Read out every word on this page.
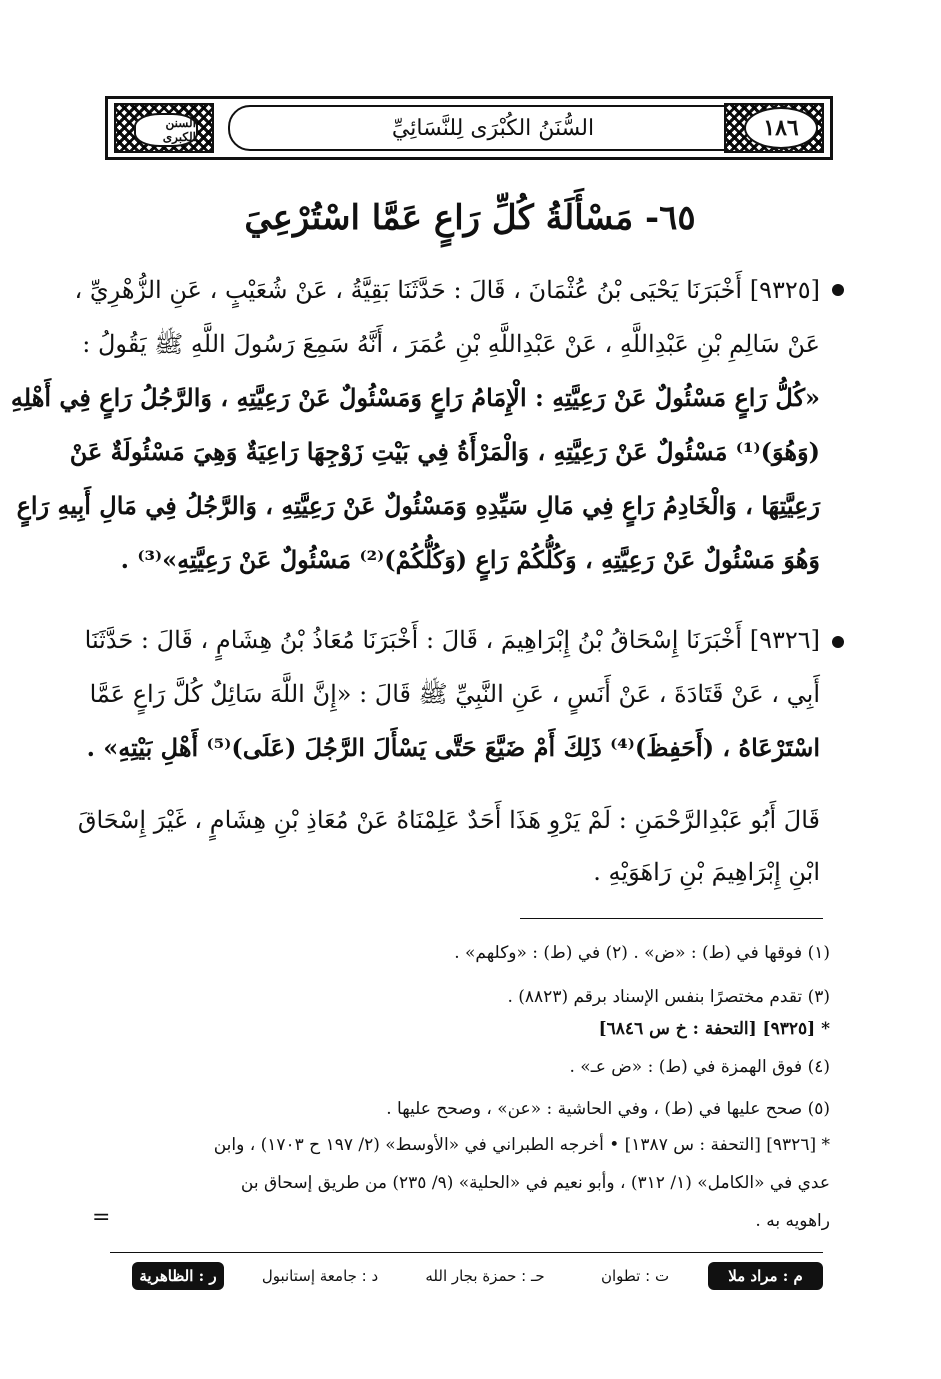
السنن الكبرى	السُّنَنُ الكُبْرَى لِلنَّسَائِيِّ	١٨٦
٦٥- مَسْأَلَةُ كُلِّ رَاعٍ عَمَّا اسْتُرْعِيَ
[٩٣٢٥] أَخْبَرَنَا يَحْيَى بْنُ عُثْمَانَ ، قَالَ : حَدَّثَنَا بَقِيَّةُ ، عَنْ شُعَيْبٍ ، عَنِ الزُّهْرِيِّ ،
عَنْ سَالِمِ بْنِ عَبْدِاللَّهِ ، عَنْ عَبْدِاللَّهِ بْنِ عُمَرَ ، أَنَّهُ سَمِعَ رَسُولَ اللَّهِ ﷺ يَقُولُ :
«كُلُّ رَاعٍ مَسْئُولٌ عَنْ رَعِيَّتِهِ : الْإِمَامُ رَاعٍ وَمَسْئُولٌ عَنْ رَعِيَّتِهِ ، وَالرَّجُلُ رَاعٍ فِي أَهْلِهِ
(وَهُوَ)⁽¹⁾ مَسْئُولٌ عَنْ رَعِيَّتِهِ ، وَالْمَرْأَةُ فِي بَيْتِ زَوْجِهَا رَاعِيَةٌ وَهِيَ مَسْئُولَةٌ عَنْ
رَعِيَّتِهَا ، وَالْخَادِمُ رَاعٍ فِي مَالِ سَيِّدِهِ وَمَسْئُولٌ عَنْ رَعِيَّتِهِ ، وَالرَّجُلُ فِي مَالِ أَبِيهِ رَاعٍ
وَهُوَ مَسْئُولٌ عَنْ رَعِيَّتِهِ ، وَكُلُّكُمْ رَاعٍ (وَكُلُّكُمْ)⁽²⁾ مَسْئُولٌ عَنْ رَعِيَّتِهِ»⁽³⁾ .
[٩٣٢٦] أَخْبَرَنَا إِسْحَاقُ بْنُ إِبْرَاهِيمَ ، قَالَ : أَخْبَرَنَا مُعَاذُ بْنُ هِشَامٍ ، قَالَ : حَدَّثَنَا
أَبِي ، عَنْ قَتَادَةَ ، عَنْ أَنَسٍ ، عَنِ النَّبِيِّ ﷺ قَالَ : «إِنَّ اللَّهَ سَائِلٌ كُلَّ رَاعٍ عَمَّا
اسْتَرْعَاهُ ، (أَحَفِظَ)⁽⁴⁾ ذَلِكَ أَمْ ضَيَّعَ حَتَّى يَسْأَلَ الرَّجُلَ (عَلَى)⁽⁵⁾ أَهْلِ بَيْتِهِ» .
قَالَ أَبُو عَبْدِالرَّحْمَنِ : لَمْ يَرْوِ هَذَا أَحَدٌ عَلِمْنَاهُ عَنْ مُعَاذِ بْنِ هِشَامٍ ، غَيْرَ إِسْحَاقَ
ابْنِ إِبْرَاهِيمَ بْنِ رَاهَوَيْهِ .
(١) فوقها في (ط) : «ض» . (٢) في (ط) : «وكلهم» .
(٣) تقدم مختصرًا بنفس الإسناد برقم (٨٨٢٣) .
* [٩٣٢٥] [التحفة : خ س ٦٨٤٦]
(٤) فوق الهمزة في (ط) : «ض عـ» .
(٥) صحح عليها في (ط) ، وفي الحاشية : «عن» ، وصحح عليها .
* [٩٣٢٦] [التحفة : س ١٣٨٧] • أخرجه الطبراني في «الأوسط» (٢/ ١٩٧ ح ١٧٠٣) ، وابن
عدي في «الكامل» (١/ ٣١٢) ، وأبو نعيم في «الحلية» (٩/ ٢٣٥) من طريق إسحاق بن
راهويه به .
=
م : مراد ملا
ت : تطوان
حـ : حمزة بجار الله
د : جامعة إستانبول
ر : الظاهرية
